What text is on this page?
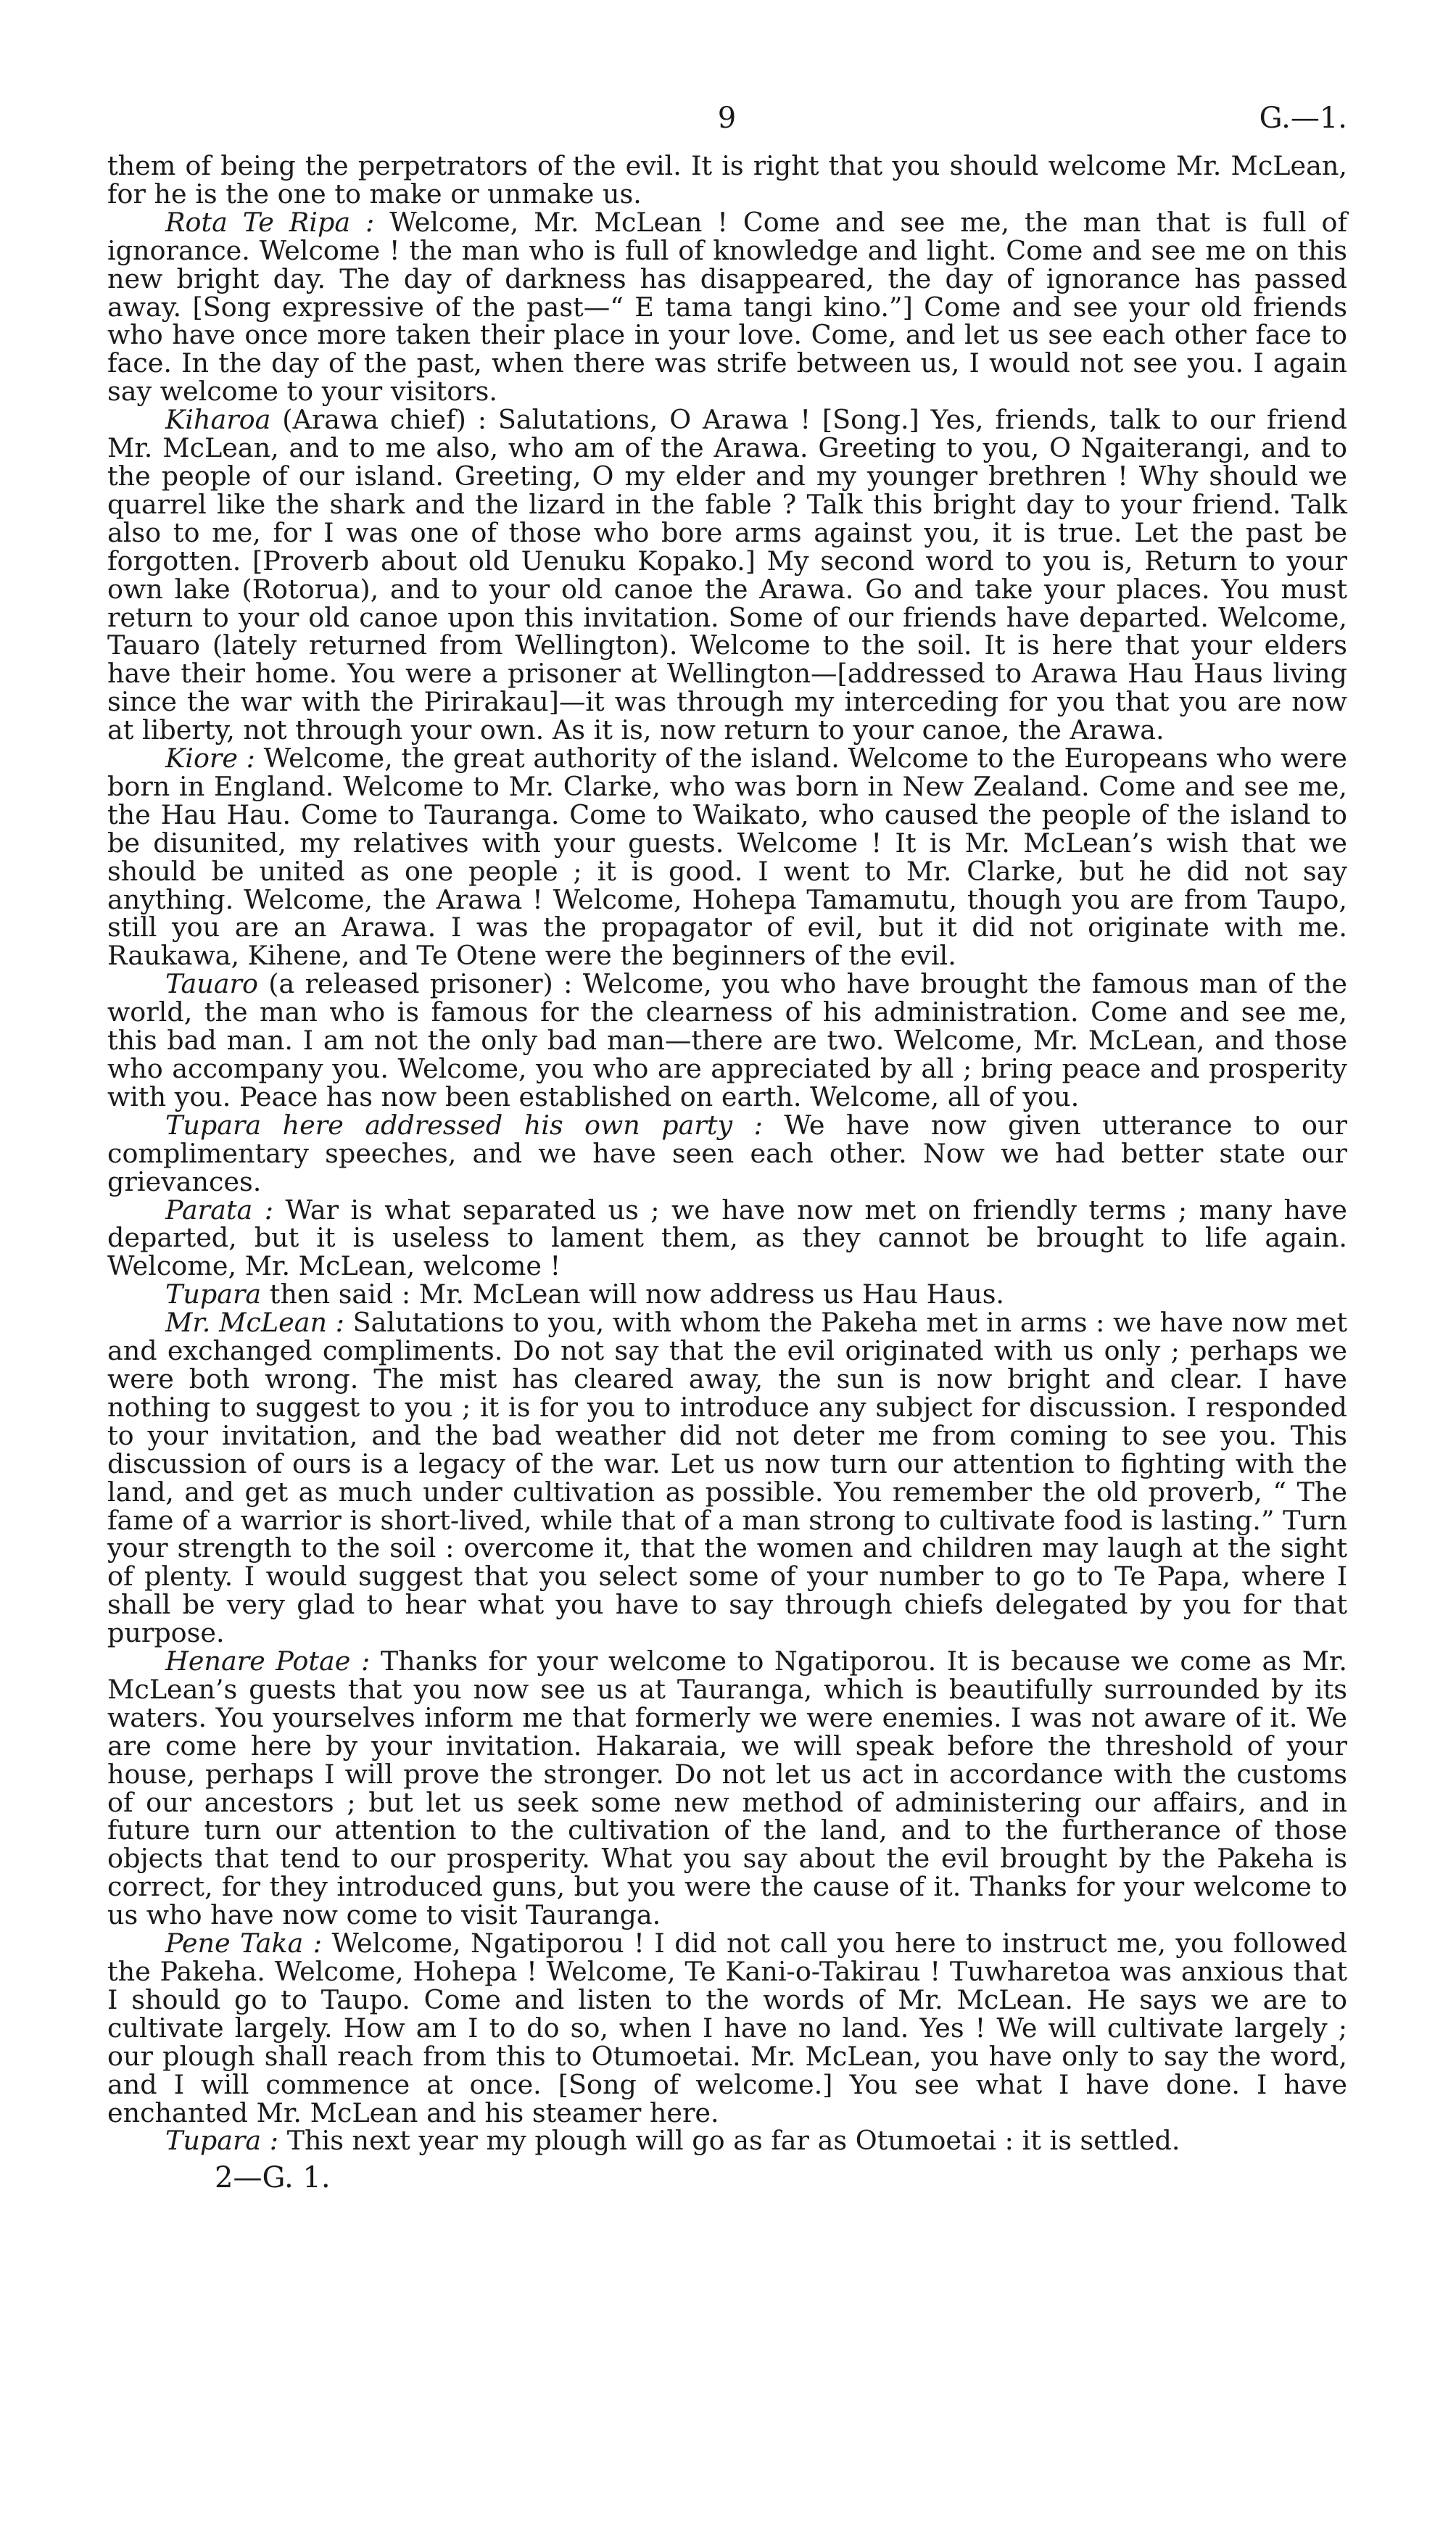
9	G.—1.

them of being the perpetrators of the evil. It is right that you should welcome Mr. McLean, for he is the one to make or unmake us.

Rota Te Ripa : Welcome, Mr. McLean ! Come and see me, the man that is full of ignorance. Welcome ! the man who is full of knowledge and light. Come and see me on this new bright day. The day of darkness has disappeared, the day of ignorance has passed away. [Song expressive of the past—“ E tama tangi kino.”] Come and see your old friends who have once more taken their place in your love. Come, and let us see each other face to face. In the day of the past, when there was strife between us, I would not see you. I again say welcome to your visitors.

Kiharoa (Arawa chief) : Salutations, O Arawa ! [Song.] Yes, friends, talk to our friend Mr. McLean, and to me also, who am of the Arawa. Greeting to you, O Ngaiterangi, and to the people of our island. Greeting, O my elder and my younger brethren ! Why should we quarrel like the shark and the lizard in the fable ? Talk this bright day to your friend. Talk also to me, for I was one of those who bore arms against you, it is true. Let the past be forgotten. [Proverb about old Uenuku Kopako.] My second word to you is, Return to your own lake (Rotorua), and to your old canoe the Arawa. Go and take your places. You must return to your old canoe upon this invitation. Some of our friends have departed. Welcome, Tauaro (lately returned from Wellington). Welcome to the soil. It is here that your elders have their home. You were a prisoner at Wellington—[addressed to Arawa Hau Haus living since the war with the Pirirakau]—it was through my interceding for you that you are now at liberty, not through your own. As it is, now return to your canoe, the Arawa.

Kiore : Welcome, the great authority of the island. Welcome to the Europeans who were born in England. Welcome to Mr. Clarke, who was born in New Zealand. Come and see me, the Hau Hau. Come to Tauranga. Come to Waikato, who caused the people of the island to be disunited, my relatives with your guests. Welcome ! It is Mr. McLean’s wish that we should be united as one people ; it is good. I went to Mr. Clarke, but he did not say anything. Welcome, the Arawa ! Welcome, Hohepa Tamamutu, though you are from Taupo, still you are an Arawa. I was the propagator of evil, but it did not originate with me. Raukawa, Kihene, and Te Otene were the beginners of the evil.

Tauaro (a released prisoner) : Welcome, you who have brought the famous man of the world, the man who is famous for the clearness of his administration. Come and see me, this bad man. I am not the only bad man—there are two. Welcome, Mr. McLean, and those who accompany you. Welcome, you who are appreciated by all ; bring peace and prosperity with you. Peace has now been established on earth. Welcome, all of you.

Tupara here addressed his own party : We have now given utterance to our complimentary speeches, and we have seen each other. Now we had better state our grievances.

Parata : War is what separated us ; we have now met on friendly terms ; many have departed, but it is useless to lament them, as they cannot be brought to life again. Welcome, Mr. McLean, welcome !

Tupara then said : Mr. McLean will now address us Hau Haus.

Mr. McLean : Salutations to you, with whom the Pakeha met in arms : we have now met and exchanged compliments. Do not say that the evil originated with us only ; perhaps we were both wrong. The mist has cleared away, the sun is now bright and clear. I have nothing to suggest to you ; it is for you to introduce any subject for discussion. I responded to your invitation, and the bad weather did not deter me from coming to see you. This discussion of ours is a legacy of the war. Let us now turn our attention to fighting with the land, and get as much under cultivation as possible. You remember the old proverb, “ The fame of a warrior is short-lived, while that of a man strong to cultivate food is lasting.” Turn your strength to the soil : overcome it, that the women and children may laugh at the sight of plenty. I would suggest that you select some of your number to go to Te Papa, where I shall be very glad to hear what you have to say through chiefs delegated by you for that purpose.

Henare Potae : Thanks for your welcome to Ngatiporou. It is because we come as Mr. McLean’s guests that you now see us at Tauranga, which is beautifully surrounded by its waters. You yourselves inform me that formerly we were enemies. I was not aware of it. We are come here by your invitation. Hakaraia, we will speak before the threshold of your house, perhaps I will prove the stronger. Do not let us act in accordance with the customs of our ancestors ; but let us seek some new method of administering our affairs, and in future turn our attention to the cultivation of the land, and to the furtherance of those objects that tend to our prosperity. What you say about the evil brought by the Pakeha is correct, for they introduced guns, but you were the cause of it. Thanks for your welcome to us who have now come to visit Tauranga.

Pene Taka : Welcome, Ngatiporou ! I did not call you here to instruct me, you followed the Pakeha. Welcome, Hohepa ! Welcome, Te Kani-o-Takirau ! Tuwharetoa was anxious that I should go to Taupo. Come and listen to the words of Mr. McLean. He says we are to cultivate largely. How am I to do so, when I have no land. Yes ! We will cultivate largely ; our plough shall reach from this to Otumoetai. Mr. McLean, you have only to say the word, and I will commence at once. [Song of welcome.] You see what I have done. I have enchanted Mr. McLean and his steamer here.

Tupara : This next year my plough will go as far as Otumoetai : it is settled.

2—G. 1.
